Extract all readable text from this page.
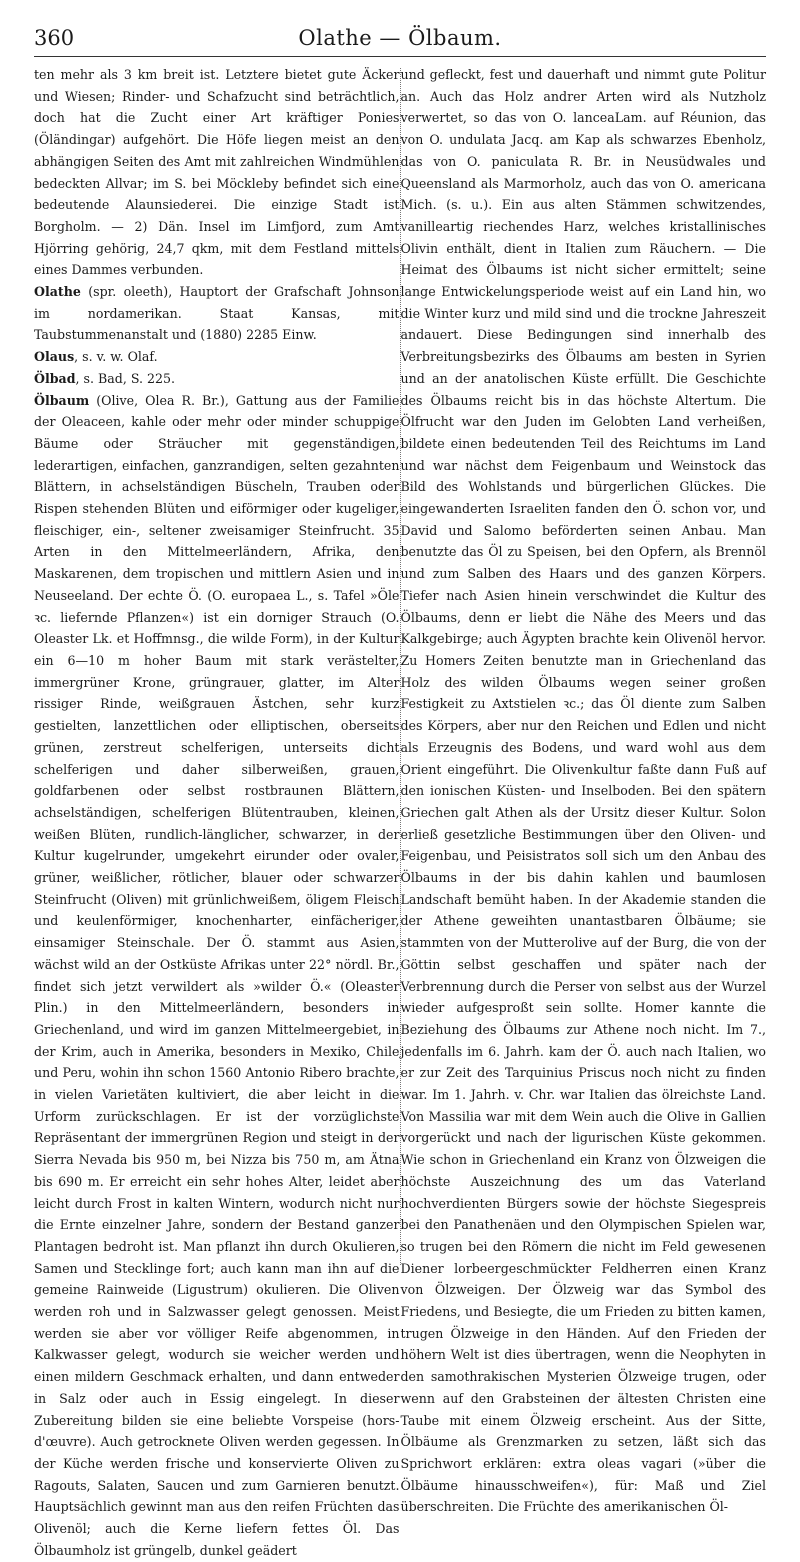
360	Olathe — Ölbaum.

ten mehr als 3 km breit ist. Letztere bietet gute Äcker und Wiesen; Rinder- und Schafzucht sind beträchtlich, doch hat die Zucht einer Art kräftiger Ponies (Öländingar) aufgehört. Die Höfe liegen meist an den abhängigen Seiten des Amt mit zahlreichen Windmühlen bedeckten Allvar; im S. bei Möckleby befindet sich eine bedeutende Alaunsiederei. Die einzige Stadt ist Borgholm. — 2) Dän. Insel im Limfjord, zum Amt Hjörring gehörig, 24,7 qkm, mit dem Festland mittels eines Dammes verbunden.

Olathe (spr. oleeth), Hauptort der Grafschaft Johnson im nordamerikan. Staat Kansas, mit Taubstummenanstalt und (1880) 2285 Einw.

Olaus, s. v. w. Olaf.

Ölbad, s. Bad, S. 225.

Ölbaum (Olive, Olea R. Br.), Gattung aus der Familie der Oleaceen, kahle oder mehr oder minder schuppige Bäume oder Sträucher mit gegenständigen, lederartigen, einfachen, ganzrandigen, selten gezahnten Blättern, in achselständigen Büscheln, Trauben oder Rispen stehenden Blüten und eiförmiger oder kugeliger, fleischiger, ein-, seltener zweisamiger Steinfrucht. 35 Arten in den Mittelmeerländern, Afrika, den Maskarenen, dem tropischen und mittlern Asien und in Neuseeland. Der echte Ö. (O. europaea L., s. Tafel »Öle ꝛc. liefernde Pflanzen«) ist ein dorniger Strauch (O. Oleaster Lk. et Hoffmnsg., die wilde Form), in der Kultur ein 6—10 m hoher Baum mit stark verästelter, immergrüner Krone, grüngrauer, glatter, im Alter rissiger Rinde, weißgrauen Ästchen, sehr kurz gestielten, lanzettlichen oder elliptischen, oberseits grünen, zerstreut schelferigen, unterseits dicht schelferigen und daher silberweißen, grauen, goldfarbenen oder selbst rostbraunen Blättern, achselständigen, schelferigen Blütentrauben, kleinen, weißen Blüten, rundlich-länglicher, schwarzer, in der Kultur kugelrunder, umgekehrt eirunder oder ovaler, grüner, weißlicher, rötlicher, blauer oder schwarzer Steinfrucht (Oliven) mit grünlichweißem, öligem Fleisch und keulenförmiger, knochenharter, einfächeriger, einsamiger Steinschale. Der Ö. stammt aus Asien, wächst wild an der Ostküste Afrikas unter 22° nördl. Br., findet sich jetzt verwildert als »wilder Ö.« (Oleaster Plin.) in den Mittelmeerländern, besonders in Griechenland, und wird im ganzen Mittelmeergebiet, in der Krim, auch in Amerika, besonders in Mexiko, Chile und Peru, wohin ihn schon 1560 Antonio Ribero brachte, in vielen Varietäten kultiviert, die aber leicht in die Urform zurückschlagen. Er ist der vorzüglichste Repräsentant der immergrünen Region und steigt in der Sierra Nevada bis 950 m, bei Nizza bis 750 m, am Ätna bis 690 m. Er erreicht ein sehr hohes Alter, leidet aber leicht durch Frost in kalten Wintern, wodurch nicht nur die Ernte einzelner Jahre, sondern der Bestand ganzer Plantagen bedroht ist. Man pflanzt ihn durch Okulieren, Samen und Stecklinge fort; auch kann man ihn auf die gemeine Rainweide (Ligustrum) okulieren. Die Oliven werden roh und in Salzwasser gelegt genossen. Meist werden sie aber vor völliger Reife abgenommen, in Kalkwasser gelegt, wodurch sie weicher werden und einen mildern Geschmack erhalten, und dann entweder in Salz oder auch in Essig eingelegt. In dieser Zubereitung bilden sie eine beliebte Vorspeise (hors-d'œuvre). Auch getrocknete Oliven werden gegessen. In der Küche werden frische und konservierte Oliven zu Ragouts, Salaten, Saucen und zum Garnieren benutzt. Hauptsächlich gewinnt man aus den reifen Früchten das Olivenöl; auch die Kerne liefern fettes Öl. Das Ölbaumholz ist grüngelb, dunkel geädert

und gefleckt, fest und dauerhaft und nimmt gute Politur an. Auch das Holz andrer Arten wird als Nutzholz verwertet, so das von O. lanceaLam. auf Réunion, das von O. undulata Jacq. am Kap als schwarzes Ebenholz, das von O. paniculata R. Br. in Neusüdwales und Queensland als Marmorholz, auch das von O. americana Mich. (s. u.). Ein aus alten Stämmen schwitzendes, vanilleartig riechendes Harz, welches kristallinisches Olivin enthält, dient in Italien zum Räuchern. — Die Heimat des Ölbaums ist nicht sicher ermittelt; seine lange Entwickelungsperiode weist auf ein Land hin, wo die Winter kurz und mild sind und die trockne Jahreszeit andauert. Diese Bedingungen sind innerhalb des Verbreitungsbezirks des Ölbaums am besten in Syrien und an der anatolischen Küste erfüllt. Die Geschichte des Ölbaums reicht bis in das höchste Altertum. Die Ölfrucht war den Juden im Gelobten Land verheißen, bildete einen bedeutenden Teil des Reichtums im Land und war nächst dem Feigenbaum und Weinstock das Bild des Wohlstands und bürgerlichen Glückes. Die eingewanderten Israeliten fanden den Ö. schon vor, und David und Salomo beförderten seinen Anbau. Man benutzte das Öl zu Speisen, bei den Opfern, als Brennöl und zum Salben des Haars und des ganzen Körpers. Tiefer nach Asien hinein verschwindet die Kultur des Ölbaums, denn er liebt die Nähe des Meers und das Kalkgebirge; auch Ägypten brachte kein Olivenöl hervor. Zu Homers Zeiten benutzte man in Griechenland das Holz des wilden Ölbaums wegen seiner großen Festigkeit zu Axtstielen ꝛc.; das Öl diente zum Salben des Körpers, aber nur den Reichen und Edlen und nicht als Erzeugnis des Bodens, und ward wohl aus dem Orient eingeführt. Die Olivenkultur faßte dann Fuß auf den ionischen Küsten- und Inselboden. Bei den spätern Griechen galt Athen als der Ursitz dieser Kultur. Solon erließ gesetzliche Bestimmungen über den Oliven- und Feigenbau, und Peisistratos soll sich um den Anbau des Ölbaums in der bis dahin kahlen und baumlosen Landschaft bemüht haben. In der Akademie standen die der Athene geweihten unantastbaren Ölbäume; sie stammten von der Mutterolive auf der Burg, die von der Göttin selbst geschaffen und später nach der Verbrennung durch die Perser von selbst aus der Wurzel wieder aufgesproßt sein sollte. Homer kannte die Beziehung des Ölbaums zur Athene noch nicht. Im 7., jedenfalls im 6. Jahrh. kam der Ö. auch nach Italien, wo er zur Zeit des Tarquinius Priscus noch nicht zu finden war. Im 1. Jahrh. v. Chr. war Italien das ölreichste Land. Von Massilia war mit dem Wein auch die Olive in Gallien vorgerückt und nach der ligurischen Küste gekommen. Wie schon in Griechenland ein Kranz von Ölzweigen die höchste Auszeichnung des um das Vaterland hochverdienten Bürgers sowie der höchste Siegespreis bei den Panathenäen und den Olympischen Spielen war, so trugen bei den Römern die nicht im Feld gewesenen Diener lorbeergeschmückter Feldherren einen Kranz von Ölzweigen. Der Ölzweig war das Symbol des Friedens, und Besiegte, die um Frieden zu bitten kamen, trugen Ölzweige in den Händen. Auf den Frieden der höhern Welt ist dies übertragen, wenn die Neophyten in den samothrakischen Mysterien Ölzweige trugen, oder wenn auf den Grabsteinen der ältesten Christen eine Taube mit einem Ölzweig erscheint. Aus der Sitte, Ölbäume als Grenzmarken zu setzen, läßt sich das Sprichwort erklären: extra oleas vagari (»über die Ölbäume hinausschweifen«), für: Maß und Ziel überschreiten. Die Früchte des amerikanischen Öl-
